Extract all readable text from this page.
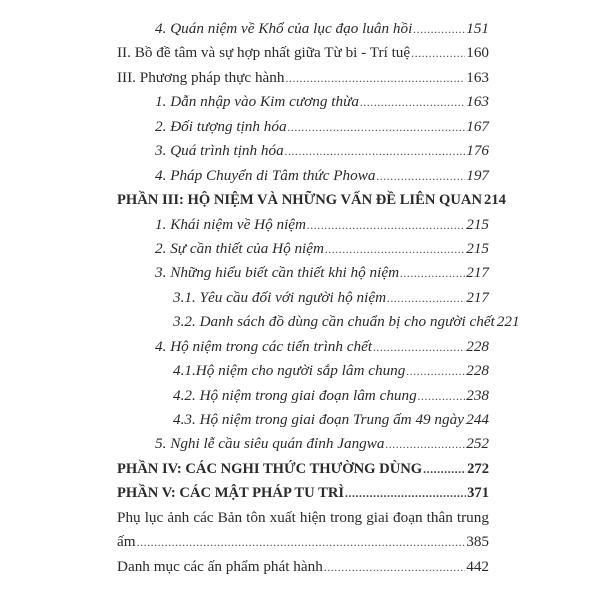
4. Quán niệm về Khổ của lục đạo luân hồi .....	151
II. Bồ đề tâm và sự hợp nhất giữa Từ bi - Trí tuệ .....	160
III. Phương pháp thực hành .....	163
1. Dẫn nhập vào Kim cương thừa .....	163
2. Đối tượng tịnh hóa .....	167
3. Quá trình tịnh hóa .....	176
4. Pháp Chuyển di Tâm thức Phowa .....	197
PHẦN III: HỘ NIỆM VÀ NHỮNG VẤN ĐỀ LIÊN QUAN 214
1. Khái niệm về Hộ niệm .....	215
2. Sự cần thiết của Hộ niệm .....	215
3. Những hiểu biết cần thiết khi hộ niệm .....	217
3.1. Yêu cầu đối với người hộ niệm .....	217
3.2. Danh sách đồ dùng cần chuẩn bị cho người chết 221
4. Hộ niệm trong các tiến trình chết .....	228
4.1.Hộ niệm cho người sắp lâm chung .....	228
4.2. Hộ niệm trong giai đoạn lâm chung .....	238
4.3. Hộ niệm trong giai đoạn Trung ấm 49 ngày ..... 244
5. Nghi lễ cầu siêu quán đỉnh Jangwa .....	252
PHẦN IV: CÁC NGHI THỨC THƯỜNG DÙNG .....	272
PHẦN V: CÁC MẬT PHÁP TU TRÌ .....	371
Phụ lục ảnh các Bản tôn xuất hiện trong giai đoạn thân trung
ấm .....	385
Danh mục các ấn phẩm phát hành .....	442
